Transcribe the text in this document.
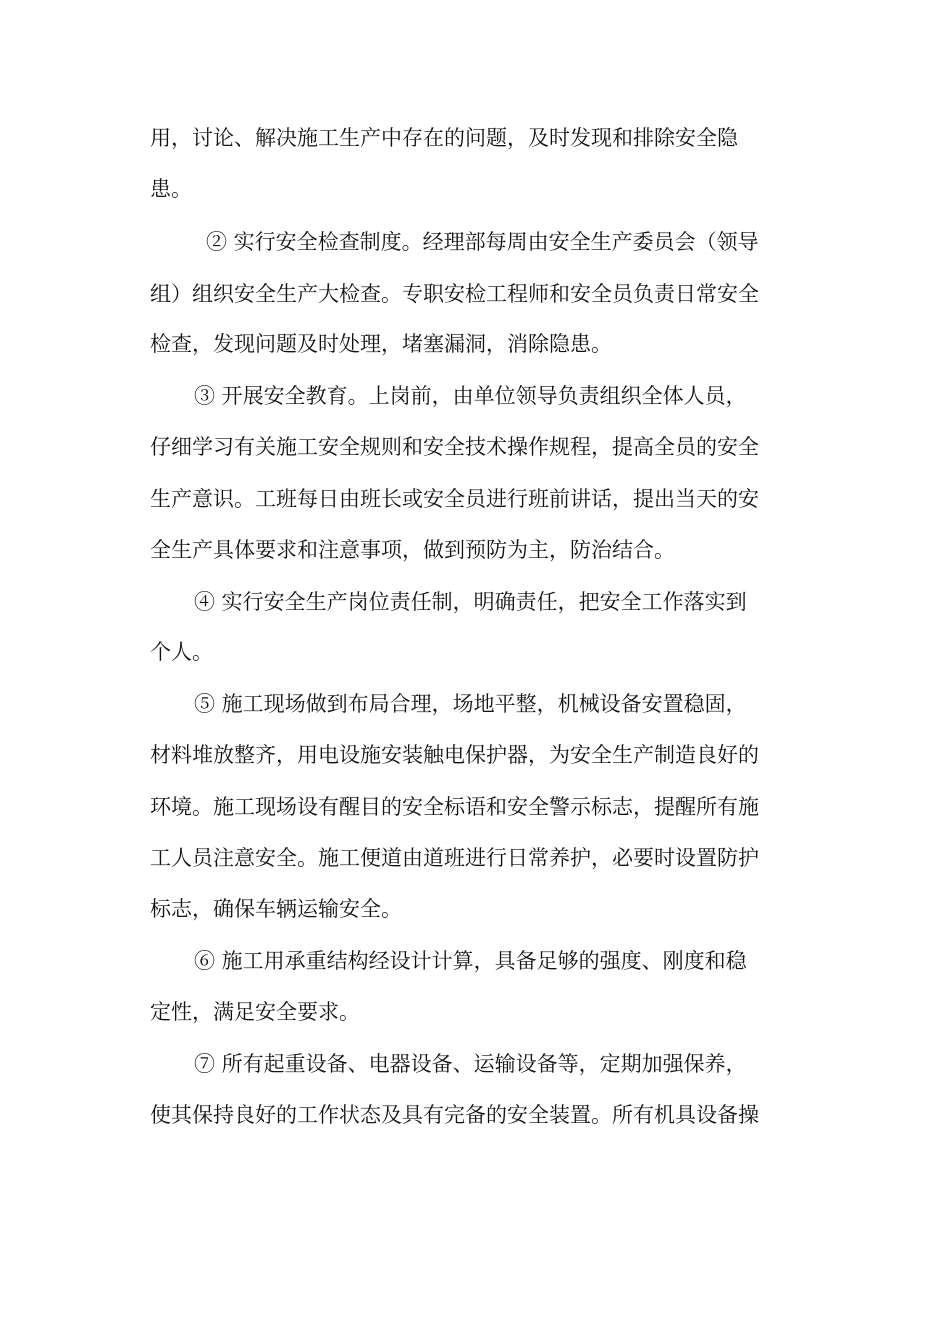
用，讨论、解决施工生产中存在的问题，及时发现和排除安全隐

患。

② 实行安全检查制度。经理部每周由安全生产委员会（领导

组）组织安全生产大检查。专职安检工程师和安全员负责日常安全

检查，发现问题及时处理，堵塞漏洞，消除隐患。

③ 开展安全教育。上岗前，由单位领导负责组织全体人员，

仔细学习有关施工安全规则和安全技术操作规程，提高全员的安全

生产意识。工班每日由班长或安全员进行班前讲话，提出当天的安

全生产具体要求和注意事项，做到预防为主，防治结合。

④ 实行安全生产岗位责任制，明确责任，把安全工作落实到

个人。

⑤ 施工现场做到布局合理，场地平整，机械设备安置稳固，

材料堆放整齐，用电设施安装触电保护器，为安全生产制造良好的

环境。施工现场设有醒目的安全标语和安全警示标志，提醒所有施

工人员注意安全。施工便道由道班进行日常养护，必要时设置防护

标志，确保车辆运输安全。

⑥ 施工用承重结构经设计计算，具备足够的强度、刚度和稳

定性，满足安全要求。

⑦ 所有起重设备、电器设备、运输设备等，定期加强保养，

使其保持良好的工作状态及具有完备的安全装置。所有机具设备操
